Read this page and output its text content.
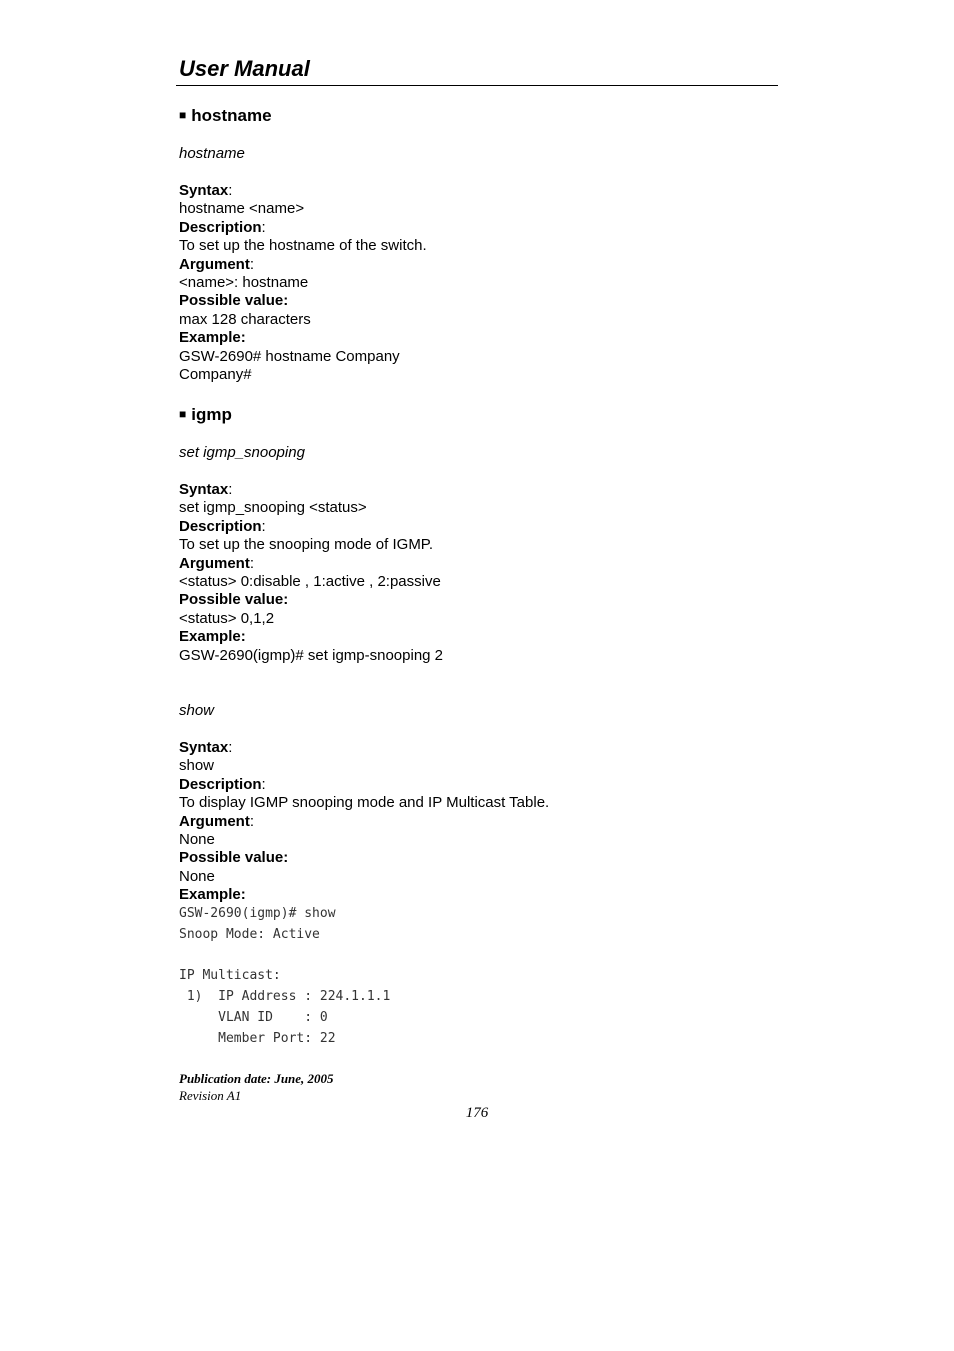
User Manual
■ hostname
hostname
Syntax:
hostname <name>
Description:
To set up the hostname of the switch.
Argument:
<name>: hostname
Possible value:
max 128 characters
Example:
GSW-2690# hostname Company
Company#
■ igmp
set igmp_snooping
Syntax:
set igmp_snooping <status>
Description:
To set up the snooping mode of IGMP.
Argument:
<status> 0:disable , 1:active , 2:passive
Possible value:
<status> 0,1,2
Example:
GSW-2690(igmp)# set igmp-snooping 2
show
Syntax:
show
Description:
To display IGMP snooping mode and IP Multicast Table.
Argument:
None
Possible value:
None
Example:
GSW-2690(igmp)# show
Snoop Mode: Active

IP Multicast:
1)  IP Address : 224.1.1.1
VLAN ID    : 0
Member Port: 22

Publication date: June, 2005

Revision A1

176
